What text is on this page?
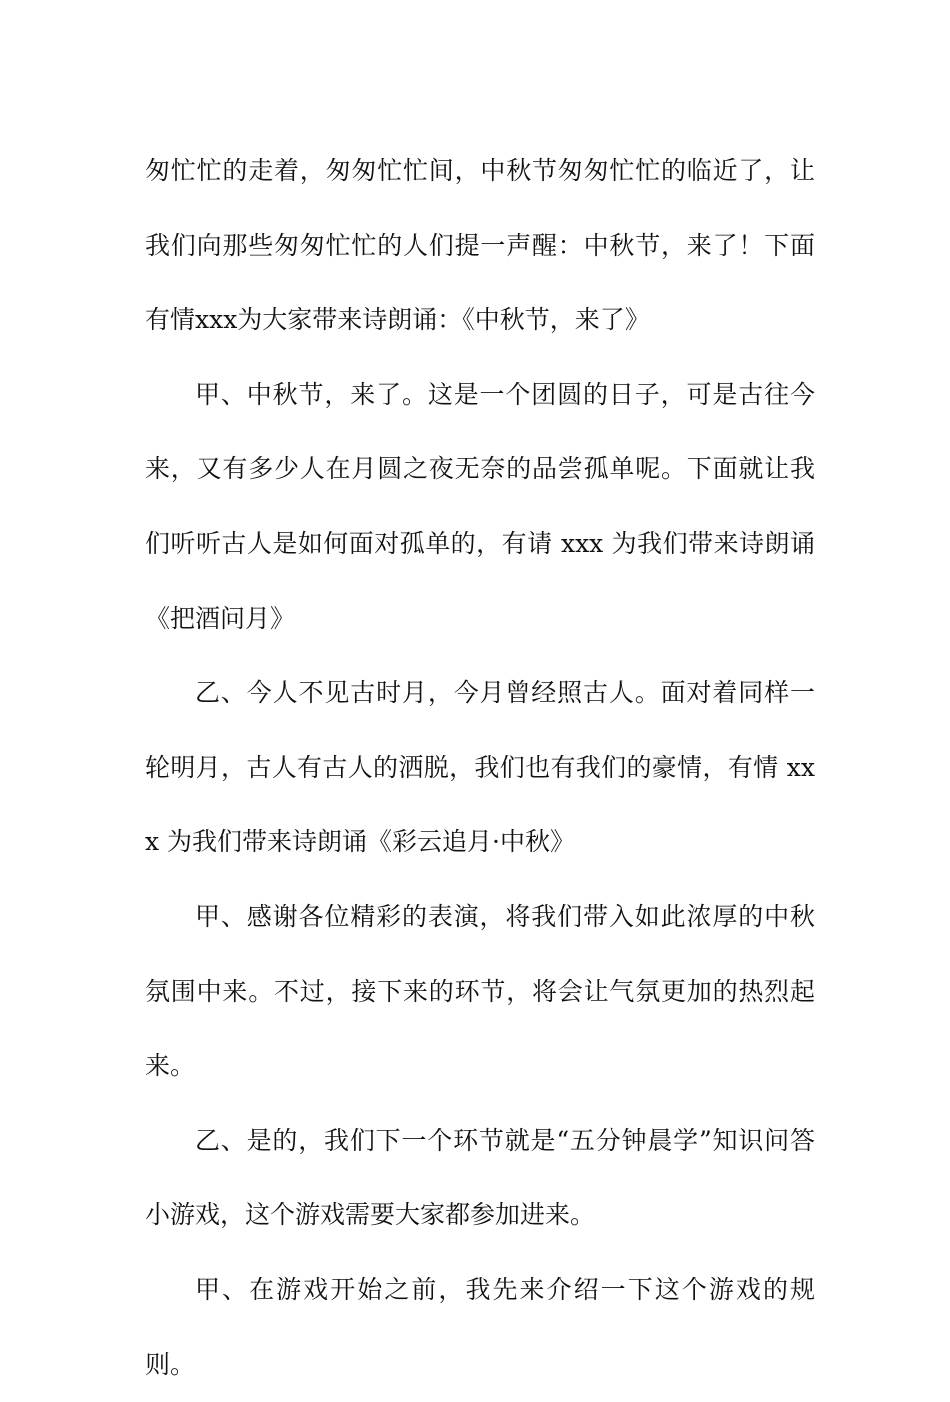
匆忙忙的走着，匆匆忙忙间，中秋节匆匆忙忙的临近了，让我们向那些匆匆忙忙的人们提一声醒：中秋节，来了！下面有情xxx为大家带来诗朗诵：《中秋节，来了》

甲、中秋节，来了。这是一个团圆的日子，可是古往今来，又有多少人在月圆之夜无奈的品尝孤单呢。下面就让我们听听古人是如何面对孤单的，有请 xxx 为我们带来诗朗诵《把酒问月》

乙、今人不见古时月，今月曾经照古人。面对着同样一轮明月，古人有古人的洒脱，我们也有我们的豪情，有情 xxx 为我们带来诗朗诵《彩云追月·中秋》

甲、感谢各位精彩的表演，将我们带入如此浓厚的中秋氛围中来。不过，接下来的环节，将会让气氛更加的热烈起来。

乙、是的，我们下一个环节就是“五分钟晨学”知识问答小游戏，这个游戏需要大家都参加进来。

甲、在游戏开始之前，我先来介绍一下这个游戏的规则。
